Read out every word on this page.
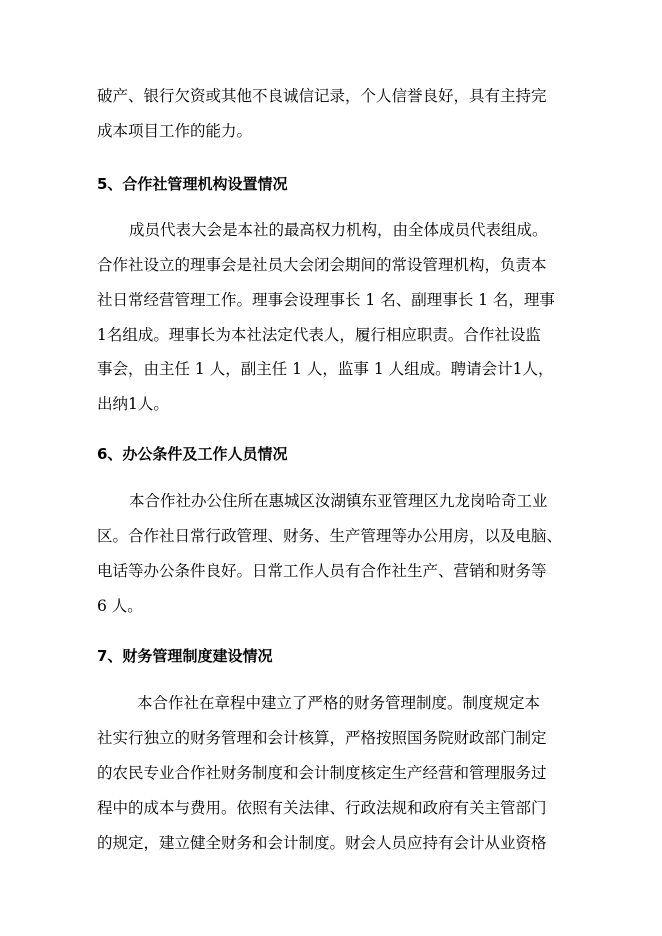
破产、银行欠资或其他不良诚信记录，个人信誉良好，具有主持完
成本项目工作的能力。
5、合作社管理机构设置情况
成员代表大会是本社的最高权力机构，由全体成员代表组成。
合作社设立的理事会是社员大会闭会期间的常设管理机构，负责本
社日常经营管理工作。理事会设理事长 1 名、副理事长 1 名，理事
1名组成。理事长为本社法定代表人，履行相应职责。合作社设监
事会，由主任 1 人，副主任 1 人，监事 1 人组成。聘请会计1人，
出纳1人。
6、办公条件及工作人员情况
本合作社办公住所在惠城区汝湖镇东亚管理区九龙岗哈奇工业
区。合作社日常行政管理、财务、生产管理等办公用房，以及电脑、
电话等办公条件良好。日常工作人员有合作社生产、营销和财务等
6 人。
7、财务管理制度建设情况
本合作社在章程中建立了严格的财务管理制度。制度规定本
社实行独立的财务管理和会计核算，严格按照国务院财政部门制定
的农民专业合作社财务制度和会计制度核定生产经营和管理服务过
程中的成本与费用。依照有关法律、行政法规和政府有关主管部门
的规定，建立健全财务和会计制度。财会人员应持有会计从业资格
